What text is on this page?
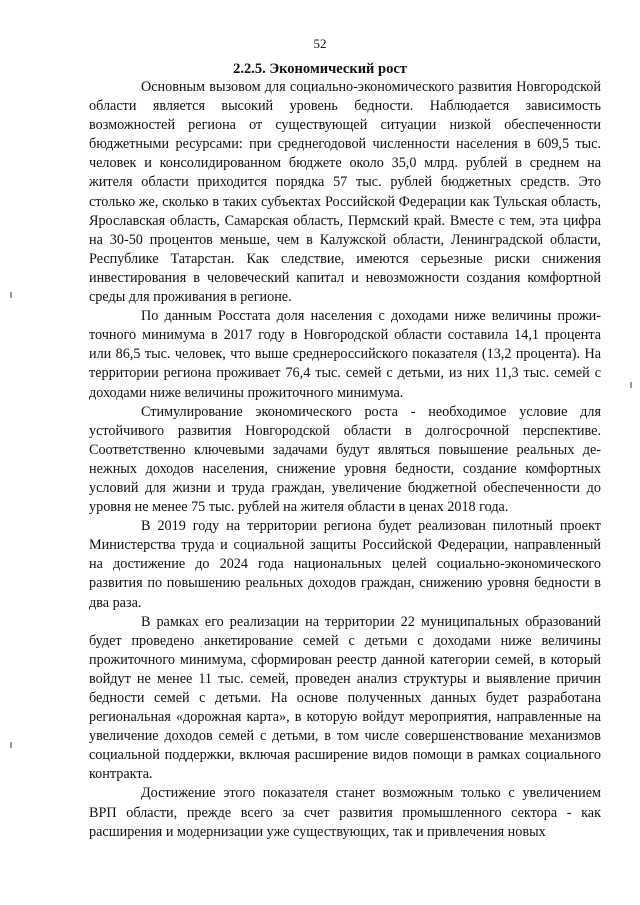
52
2.2.5. Экономический рост

Основным вызовом для социально-экономического развития Новгородской области является высокий уровень бедности. Наблюдается зависимость возможностей региона от существующей ситуации низкой обеспеченности бюджетными ресурсами: при среднегодовой численности населения в 609,5 тыс. человек и консолидированном бюджете около 35,0 млрд. рублей в среднем на жителя области приходится порядка 57 тыс. рублей бюджетных средств. Это столько же, сколько в таких субъектах Российской Федерации как Тульская область, Ярославская область, Самарская область, Пермский край. Вместе с тем, эта цифра на 30-50 процентов меньше, чем в Калужской области, Ленинградской области, Республике Татарстан. Как следствие, имеются серьезные риски снижения инвестирования в человеческий капитал и невозможности создания комфортной среды для проживания в регионе.

По данным Росстата доля населения с доходами ниже величины прожиточного минимума в 2017 году в Новгородской области составила 14,1 процента или 86,5 тыс. человек, что выше среднероссийского показателя (13,2 процента). На территории региона проживает 76,4 тыс. семей с детьми, из них 11,3 тыс. семей с доходами ниже величины прожиточного минимума.

Стимулирование экономического роста - необходимое условие для устойчивого развития Новгородской области в долгосрочной перспективе. Соответственно ключевыми задачами будут являться повышение реальных денежных доходов населения, снижение уровня бедности, создание комфортных условий для жизни и труда граждан, увеличение бюджетной обеспеченности до уровня не менее 75 тыс. рублей на жителя области в ценах 2018 года.

В 2019 году на территории региона будет реализован пилотный проект Министерства труда и социальной защиты Российской Федерации, направленный на достижение до 2024 года национальных целей социально-экономического развития по повышению реальных доходов граждан, снижению уровня бедности в два раза.

В рамках его реализации на территории 22 муниципальных образований будет проведено анкетирование семей с детьми с доходами ниже величины прожиточного минимума, сформирован реестр данной категории семей, в который войдут не менее 11 тыс. семей, проведен анализ структуры и выявление причин бедности семей с детьми. На основе полученных данных будет разработана региональная «дорожная карта», в которую войдут мероприятия, направленные на увеличение доходов семей с детьми, в том числе совершенствование механизмов социальной поддержки, включая расширение видов помощи в рамках социального контракта.

Достижение этого показателя станет возможным только с увеличением ВРП области, прежде всего за счет развития промышленного сектора - как расширения и модернизации уже существующих, так и привлечения новых
